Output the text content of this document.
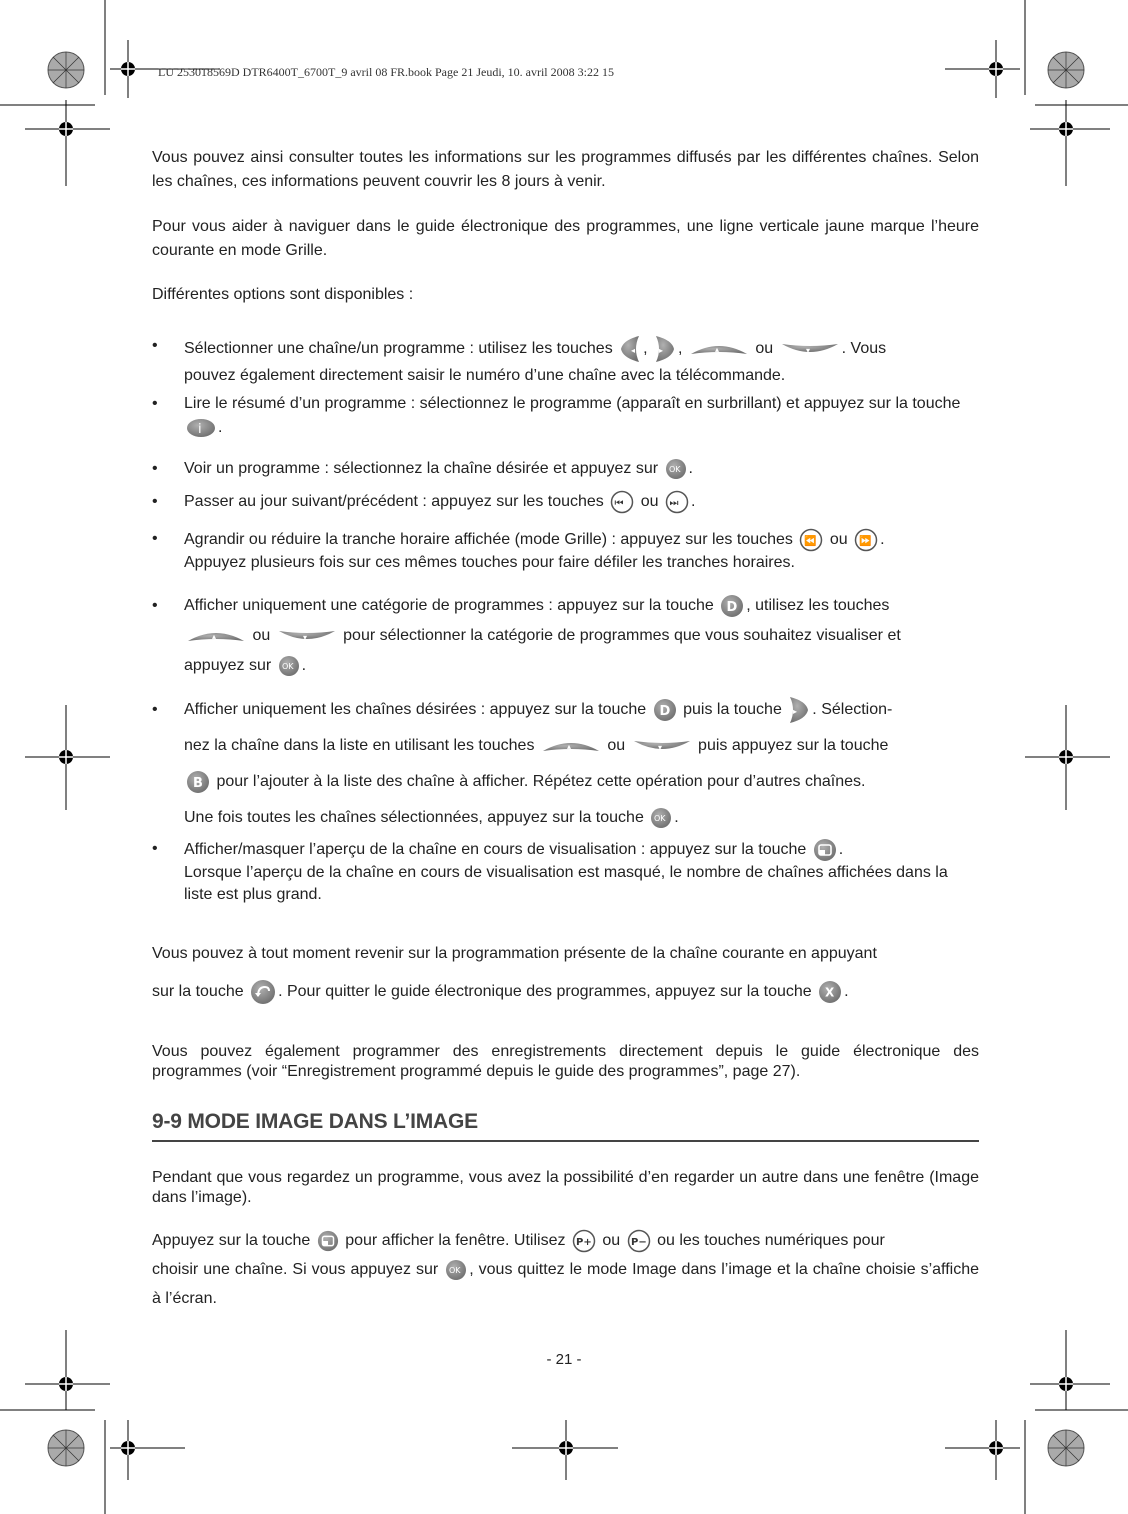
LU 253018569D DTR6400T_6700T_9 avril 08 FR.book Page 21 Jeudi, 10. avril 2008 3:22 15
Vous pouvez ainsi consulter toutes les informations sur les programmes diffusés par les différentes chaînes. Selon les chaînes, ces informations peuvent couvrir les 8 jours à venir.
Pour vous aider à naviguer dans le guide électronique des programmes, une ligne verticale jaune marque l’heure courante en mode Grille.
Différentes options sont disponibles :
•	Sélectionner une chaîne/un programme : utilisez les touches ◂ , ▸ ,	▴ ou	▾ . Vous
pouvez également directement saisir le numéro d’une chaîne avec la télécommande.
•	Lire le résumé d’un programme : sélectionnez le programme (apparaît en surbrillant) et appuyez sur la touche
i .
•	Voir un programme : sélectionnez la chaîne désirée et appuyez sur OK .
•	Passer au jour suivant/précédent : appuyez sur les touches ⏮ ou ⏭ .
•	Agrandir ou réduire la tranche horaire affichée (mode Grille) : appuyez sur les touches ⏪ ou ⏩ .
Appuyez plusieurs fois sur ces mêmes touches pour faire défiler les tranches horaires.
•	Afficher uniquement une catégorie de programmes : appuyez sur la touche D , utilisez les touches

▴ ou	▾ pour sélectionner la catégorie de programmes que vous souhaitez visualiser et
appuyez sur OK .
•	Afficher uniquement les chaînes désirées : appuyez sur la touche D puis la touche ▸ . Sélection-
nez la chaîne dans la liste en utilisant les touches	▴ ou	▾ puis appuyez sur la touche

B pour l’ajouter à la liste des chaîne à afficher. Répétez cette opération pour d’autres chaînes.
Une fois toutes les chaînes sélectionnées, appuyez sur la touche OK .
•	Afficher/masquer l’aperçu de la chaîne en cours de visualisation : appuyez sur la touche .
Lorsque l’aperçu de la chaîne en cours de visualisation est masqué, le nombre de chaînes affichées dans la liste est plus grand.
Vous pouvez à tout moment revenir sur la programmation présente de la chaîne courante en appuyant
sur la touche . Pour quitter le guide électronique des programmes, appuyez sur la touche X .
Vous pouvez également programmer des enregistrements directement depuis le guide électronique des programmes (voir “Enregistrement programmé depuis le guide des programmes”, page 27).
9-9 MODE IMAGE DANS L’IMAGE
Pendant que vous regardez un programme, vous avez la possibilité d’en regarder un autre dans une fenêtre (Image dans l’image).
Appuyez sur la touche pour afficher la fenêtre. Utilisez P+ ou P− ou les touches numériques pour
choisir une chaîne. Si vous appuyez sur OK , vous quittez le mode Image dans l’image et la chaîne choisie s’affiche à l’écran.
- 21 -
